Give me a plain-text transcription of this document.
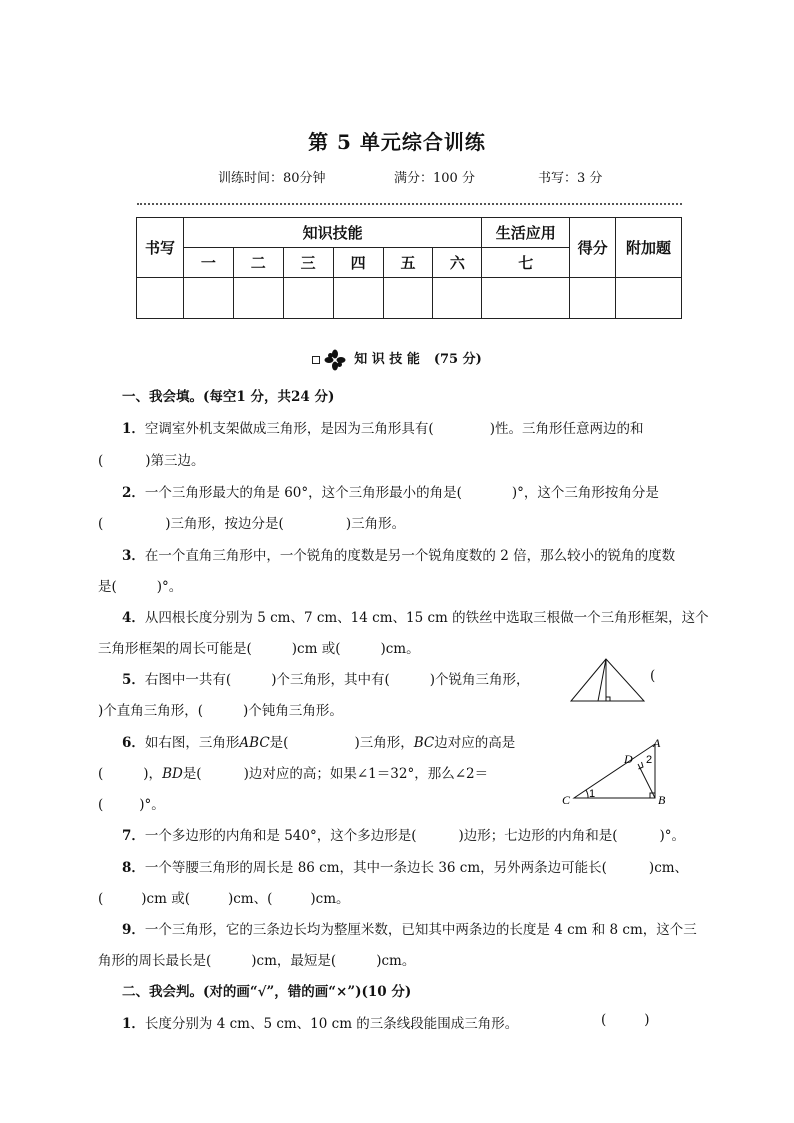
第 5 单元综合训练
训练时间：80分钟	满分：100 分	书写：3 分
书写	知识技能						生活应用	得分	附加题
	一	二	三	四	五	六	七		

知 识 技 能 (75 分)
一、我会填。(每空1 分，共24 分)
1．空调室外机支架做成三角形，是因为三角形具有(	)性。三角形任意两边的和
(	)第三边。
2．一个三角形最大的角是 60°，这个三角形最小的角是(	)°，这个三角形按角分是
(	)三角形，按边分是(	)三角形。
3．在一个直角三角形中，一个锐角的度数是另一个锐角度数的 2 倍，那么较小的锐角的度数
是(	)°。
4．从四根长度分别为 5 cm、7 cm、14 cm、15 cm 的铁丝中选取三根做一个三角形框架，这个
三角形框架的周长可能是(	)cm 或(	)cm。
5．右图中一共有(	)个三角形，其中有(	)个锐角三角形，	(
)个直角三角形，(	)个钝角三角形。
6．如右图，三角形ABC是(	)三角形，BC边对应的高是
(	)，BD是(	)边对应的高；如果∠1＝32°，那么∠2＝
(	)°。
A
B
C
D
1
2
7．一个多边形的内角和是 540°，这个多边形是(	)边形；七边形的内角和是(	)°。
8．一个等腰三角形的周长是 86 cm，其中一条边长 36 cm，另外两条边可能长(	)cm、
(	)cm 或(	)cm、(	)cm。
9．一个三角形，它的三条边长均为整厘米数，已知其中两条边的长度是 4 cm 和 8 cm，这个三
角形的周长最长是(	)cm，最短是(	)cm。
二、我会判。(对的画“√”，错的画“×”)(10 分)
1．长度分别为 4 cm、5 cm、10 cm 的三条线段能围成三角形。	(	)
